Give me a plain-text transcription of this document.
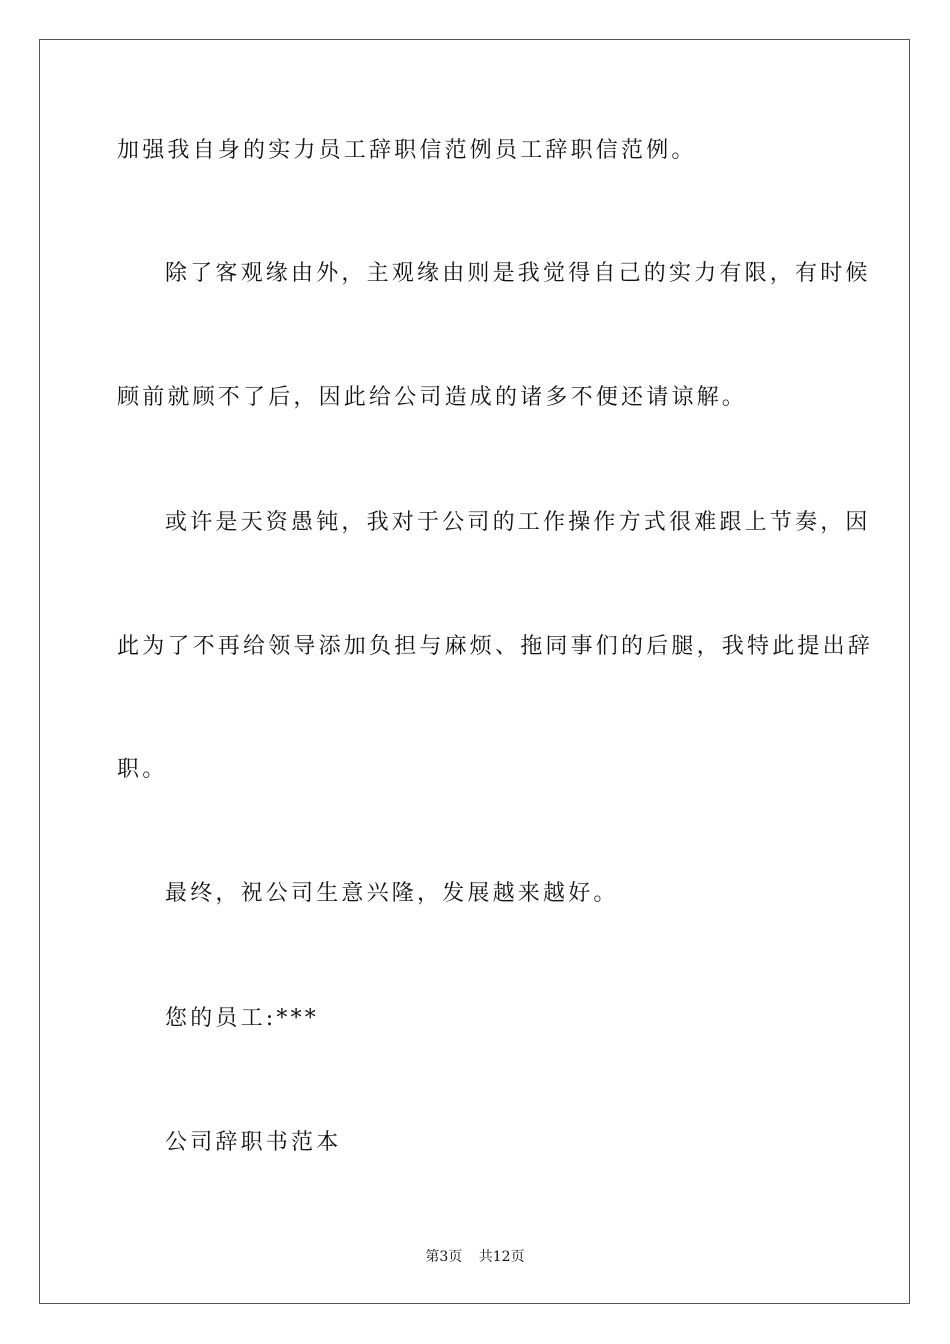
加强我自身的实力员工辞职信范例员工辞职信范例。
除了客观缘由外，主观缘由则是我觉得自己的实力有限，有时候
顾前就顾不了后，因此给公司造成的诸多不便还请谅解。
或许是天资愚钝，我对于公司的工作操作方式很难跟上节奏，因
此为了不再给领导添加负担与麻烦、拖同事们的后腿，我特此提出辞
职。
最终，祝公司生意兴隆，发展越来越好。
您的员工:***
公司辞职书范本
第3页 共12页
